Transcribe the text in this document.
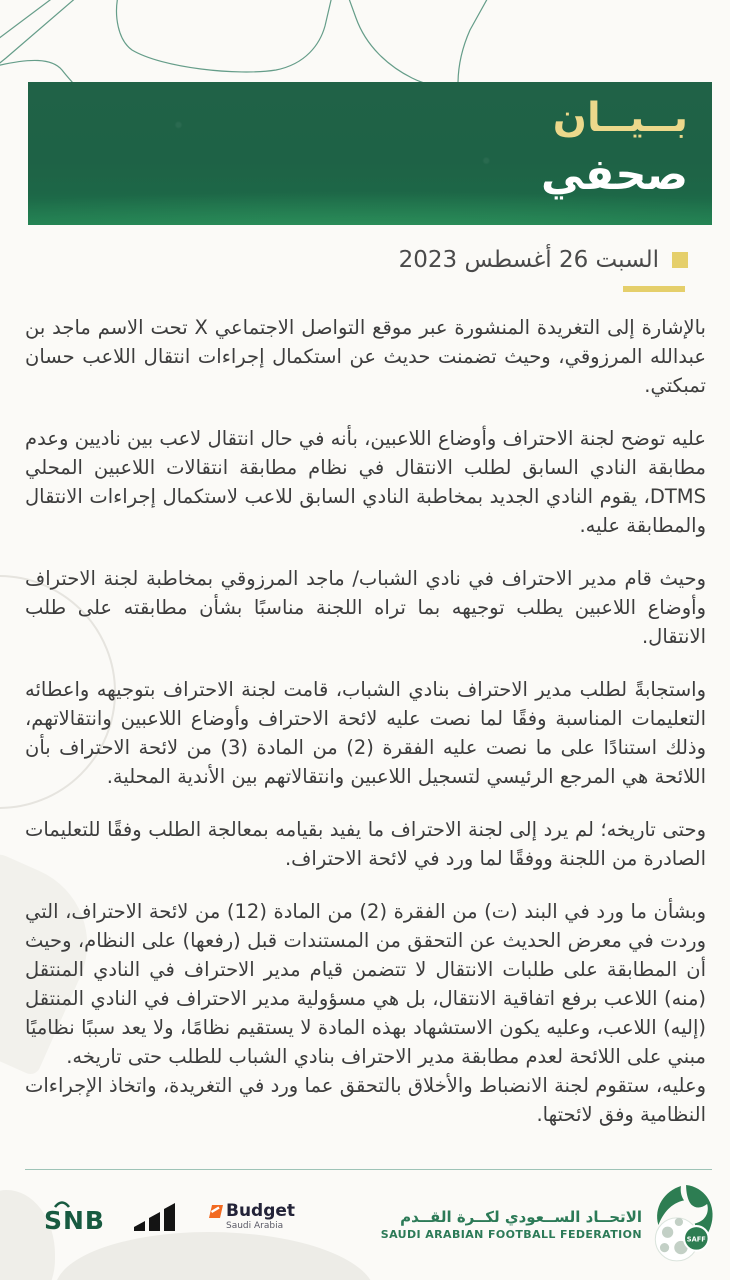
بــيــان
صحفي
السبت 26 أغسطس 2023

بالإشارة إلى التغريدة المنشورة عبر موقع التواصل الاجتماعي X تحت الاسم ماجد بن عبدالله المرزوقي، وحيث تضمنت حديث عن استكمال إجراءات انتقال اللاعب حسان تمبكتي.

عليه توضح لجنة الاحتراف وأوضاع اللاعبين، بأنه في حال انتقال لاعب بين ناديين وعدم مطابقة النادي السابق لطلب الانتقال في نظام مطابقة انتقالات اللاعبين المحلي DTMS، يقوم النادي الجديد بمخاطبة النادي السابق للاعب لاستكمال إجراءات الانتقال والمطابقة عليه.

وحيث قام مدير الاحتراف في نادي الشباب/ ماجد المرزوقي بمخاطبة لجنة الاحتراف وأوضاع اللاعبين يطلب توجيهه بما تراه اللجنة مناسبًا بشأن مطابقته على طلب الانتقال.

واستجابةً لطلب مدير الاحتراف بنادي الشباب، قامت لجنة الاحتراف بتوجيهه واعطائه التعليمات المناسبة وفقًا لما نصت عليه لائحة الاحتراف وأوضاع اللاعبين وانتقالاتهم، وذلك استنادًا على ما نصت عليه الفقرة (2) من المادة (3) من لائحة الاحتراف بأن اللائحة هي المرجع الرئيسي لتسجيل اللاعبين وانتقالاتهم بين الأندية المحلية.

وحتى تاريخه؛ لم يرد إلى لجنة الاحتراف ما يفيد بقيامه بمعالجة الطلب وفقًا للتعليمات الصادرة من اللجنة ووفقًا لما ورد في لائحة الاحتراف.

وبشأن ما ورد في البند (ت) من الفقرة (2) من المادة (12) من لائحة الاحتراف، التي وردت في معرض الحديث عن التحقق من المستندات قبل (رفعها) على النظام، وحيث أن المطابقة على طلبات الانتقال لا تتضمن قيام مدير الاحتراف في النادي المنتقل (منه) اللاعب برفع اتفاقية الانتقال، بل هي مسؤولية مدير الاحتراف في النادي المنتقل (إليه) اللاعب، وعليه يكون الاستشهاد بهذه المادة لا يستقيم نظامًا، ولا يعد سببًا نظاميًا مبني على اللائحة لعدم مطابقة مدير الاحتراف بنادي الشباب للطلب حتى تاريخه.

وعليه، ستقوم لجنة الانضباط والأخلاق بالتحقق عما ورد في التغريدة، واتخاذ الإجراءات النظامية وفق لائحتها.

SNB	Budget
Saudi Arabia
الاتحــاد الســعودي لكــرة القــدم
SAUDI ARABIAN FOOTBALL FEDERATION	SAFF
